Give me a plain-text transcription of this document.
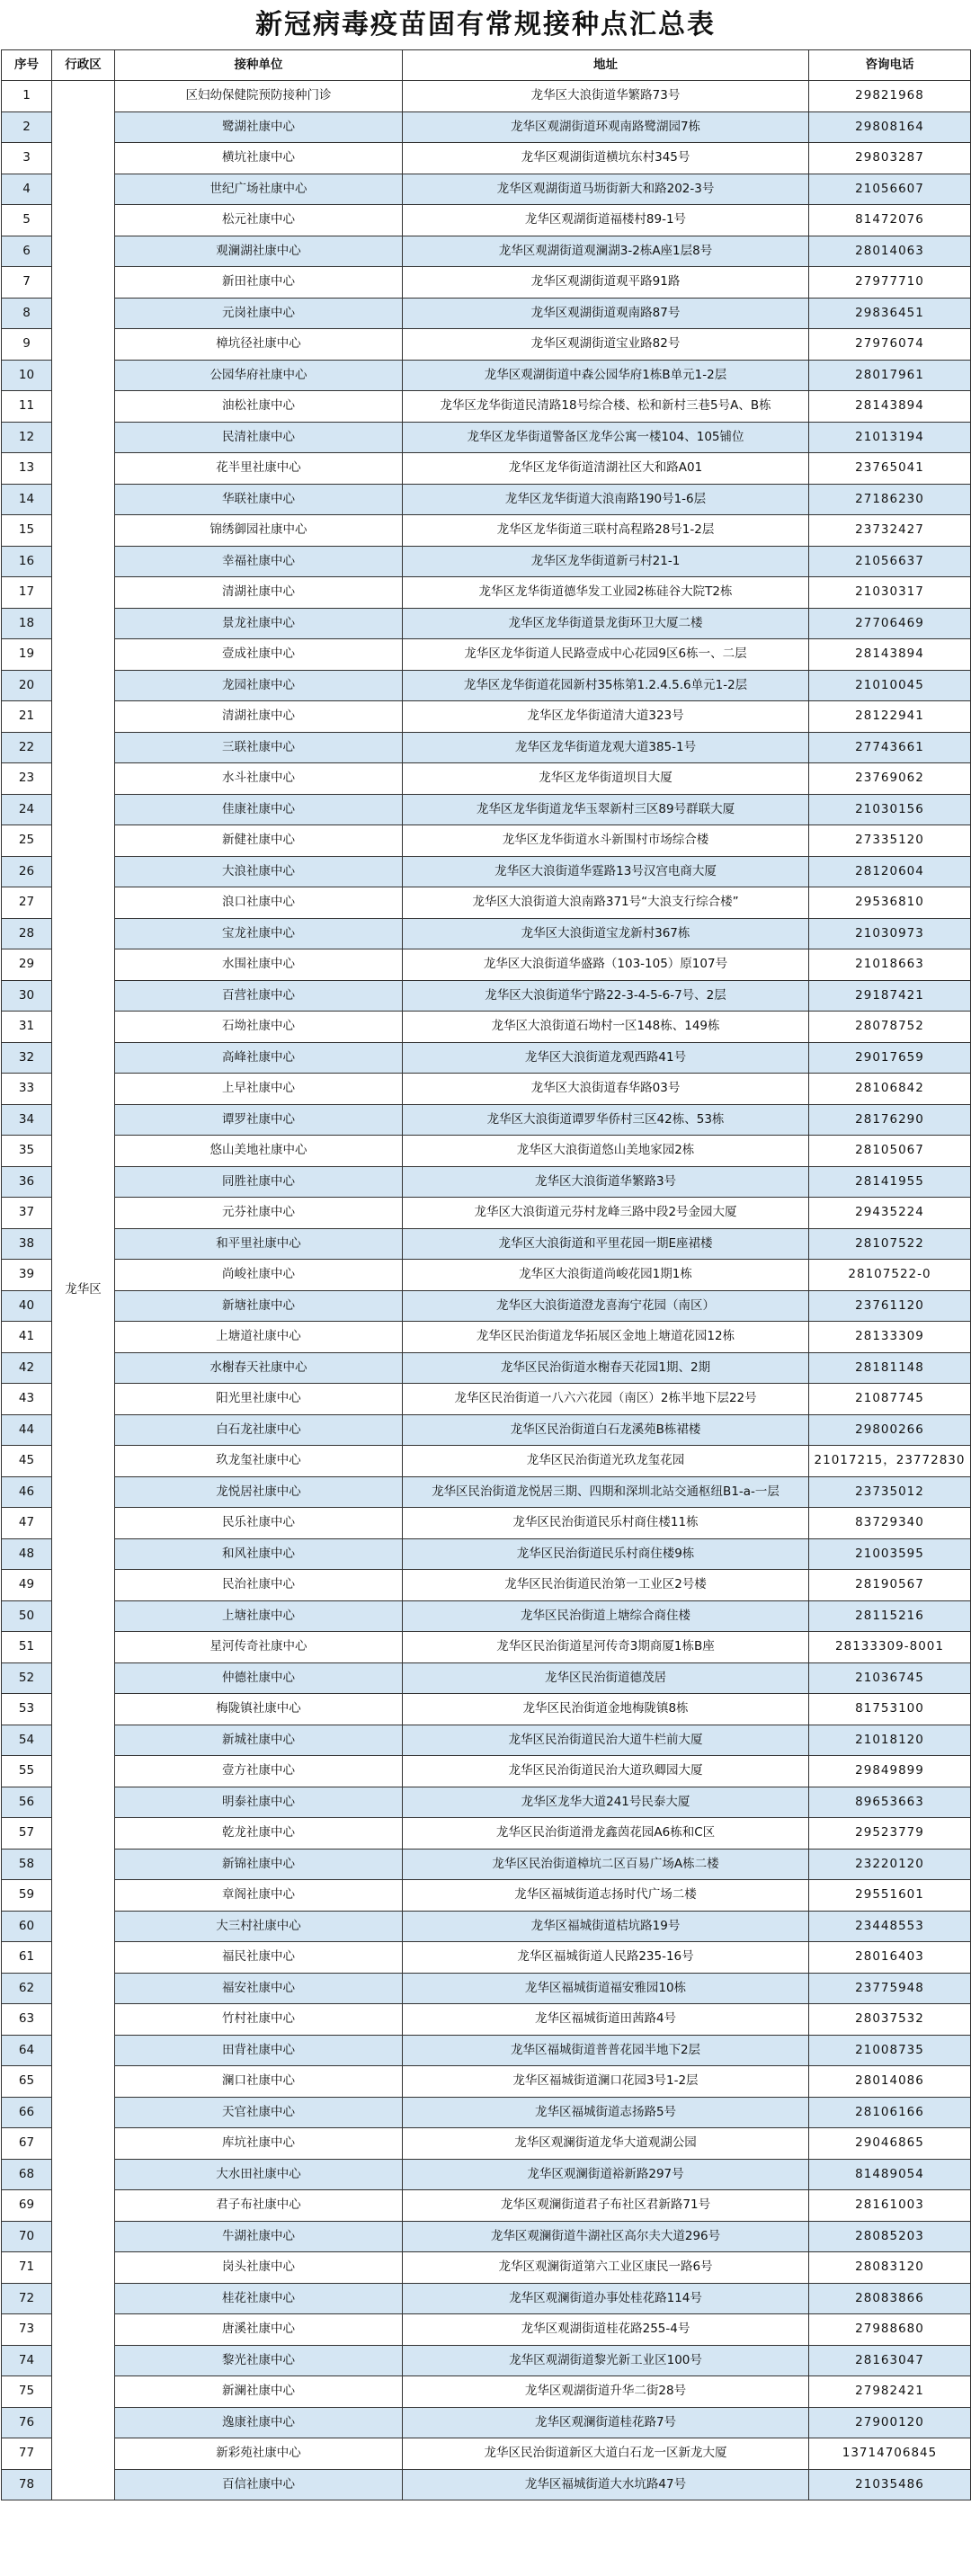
新冠病毒疫苗固有常规接种点汇总表
序号	行政区	接种单位	地址	咨询电话
1	龙华区	区妇幼保健院预防接种门诊	龙华区大浪街道华繁路73号	29821968
2		鹭湖社康中心	龙华区观湖街道环观南路鹭湖园7栋	29808164
3		横坑社康中心	龙华区观湖街道横坑东村345号	29803287
4		世纪广场社康中心	龙华区观湖街道马坜街新大和路202-3号	21056607
5		松元社康中心	龙华区观湖街道福楼村89-1号	81472076
6		观澜湖社康中心	龙华区观湖街道观澜湖3-2栋A座1层8号	28014063
7		新田社康中心	龙华区观湖街道观平路91路	27977710
8		元岗社康中心	龙华区观湖街道观南路87号	29836451
9		樟坑径社康中心	龙华区观湖街道宝业路82号	27976074
10		公园华府社康中心	龙华区观湖街道中森公园华府1栋B单元1-2层	28017961
11		油松社康中心	龙华区龙华街道民清路18号综合楼、松和新村三巷5号A、B栋	28143894
12		民清社康中心	龙华区龙华街道警备区龙华公寓一楼104、105铺位	21013194
13		花半里社康中心	龙华区龙华街道清湖社区大和路A01	23765041
14		华联社康中心	龙华区龙华街道大浪南路190号1-6层	27186230
15		锦绣御园社康中心	龙华区龙华街道三联村高程路28号1-2层	23732427
16		幸福社康中心	龙华区龙华街道新弓村21-1	21056637
17		清湖社康中心	龙华区龙华街道德华发工业园2栋硅谷大院T2栋	21030317
18		景龙社康中心	龙华区龙华街道景龙街环卫大厦二楼	27706469
19		壹成社康中心	龙华区龙华街道人民路壹成中心花园9区6栋一、二层	28143894
20		龙园社康中心	龙华区龙华街道花园新村35栋第1.2.4.5.6单元1-2层	21010045
21		清湖社康中心	龙华区龙华街道清大道323号	28122941
22		三联社康中心	龙华区龙华街道龙观大道385-1号	27743661
23		水斗社康中心	龙华区龙华街道坝目大厦	23769062
24		佳康社康中心	龙华区龙华街道龙华玉翠新村三区89号群联大厦	21030156
25		新健社康中心	龙华区龙华街道水斗新围村市场综合楼	27335120
26		大浪社康中心	龙华区大浪街道华霆路13号汉宫电商大厦	28120604
27		浪口社康中心	龙华区大浪街道大浪南路371号“大浪支行综合楼”	29536810
28		宝龙社康中心	龙华区大浪街道宝龙新村367栋	21030973
29		水围社康中心	龙华区大浪街道华盛路（103-105）原107号	21018663
30		百营社康中心	龙华区大浪街道华宁路22-3-4-5-6-7号、2层	29187421
31		石坳社康中心	龙华区大浪街道石坳村一区148栋、149栋	28078752
32		高峰社康中心	龙华区大浪街道龙观西路41号	29017659
33		上早社康中心	龙华区大浪街道春华路03号	28106842
34		谭罗社康中心	龙华区大浪街道谭罗华侨村三区42栋、53栋	28176290
35		悠山美地社康中心	龙华区大浪街道悠山美地家园2栋	28105067
36		同胜社康中心	龙华区大浪街道华繁路3号	28141955
37		元芬社康中心	龙华区大浪街道元芬村龙峰三路中段2号金园大厦	29435224
38		和平里社康中心	龙华区大浪街道和平里花园一期E座裙楼	28107522
39		尚峻社康中心	龙华区大浪街道尚峻花园1期1栋	28107522-0
40		新塘社康中心	龙华区大浪街道澄龙喜海宁花园（南区）	23761120
41		上塘道社康中心	龙华区民治街道龙华拓展区金地上塘道花园12栋	28133309
42		水榭春天社康中心	龙华区民治街道水榭春天花园1期、2期	28181148
43		阳光里社康中心	龙华区民治街道一八六六花园（南区）2栋半地下层22号	21087745
44		白石龙社康中心	龙华区民治街道白石龙溪苑B栋裙楼	29800266
45		玖龙玺社康中心	龙华区民治街道光玖龙玺花园	21017215，23772830
46		龙悦居社康中心	龙华区民治街道龙悦居三期、四期和深圳北站交通枢纽B1-a-一层	23735012
47		民乐社康中心	龙华区民治街道民乐村商住楼11栋	83729340
48		和风社康中心	龙华区民治街道民乐村商住楼9栋	21003595
49		民治社康中心	龙华区民治街道民治第一工业区2号楼	28190567
50		上塘社康中心	龙华区民治街道上塘综合商住楼	28115216
51		星河传奇社康中心	龙华区民治街道星河传奇3期商厦1栋B座	28133309-8001
52		仲德社康中心	龙华区民治街道德茂居	21036745
53		梅陇镇社康中心	龙华区民治街道金地梅陇镇8栋	81753100
54		新城社康中心	龙华区民治街道民治大道牛栏前大厦	21018120
55		壹方社康中心	龙华区民治街道民治大道玖卿园大厦	29849899
56		明泰社康中心	龙华区龙华大道241号民泰大厦	89653663
57		乾龙社康中心	龙华区民治街道滑龙鑫茵花园A6栋和C区	29523779
58		新锦社康中心	龙华区民治街道樟坑二区百易广场A栋二楼	23220120
59		章阁社康中心	龙华区福城街道志扬时代广场二楼	29551601
60		大三村社康中心	龙华区福城街道桔坑路19号	23448553
61		福民社康中心	龙华区福城街道人民路235-16号	28016403
62		福安社康中心	龙华区福城街道福安雅园10栋	23775948
63		竹村社康中心	龙华区福城街道田茜路4号	28037532
64		田背社康中心	龙华区福城街道普普花园半地下2层	21008735
65		澜口社康中心	龙华区福城街道澜口花园3号1-2层	28014086
66		天官社康中心	龙华区福城街道志扬路5号	28106166
67		库坑社康中心	龙华区观澜街道龙华大道观湖公园	29046865
68		大水田社康中心	龙华区观澜街道裕新路297号	81489054
69		君子布社康中心	龙华区观澜街道君子布社区君新路71号	28161003
70		牛湖社康中心	龙华区观澜街道牛湖社区高尔夫大道296号	28085203
71		岗头社康中心	龙华区观澜街道第六工业区康民一路6号	28083120
72		桂花社康中心	龙华区观澜街道办事处桂花路114号	28083866
73		唐溪社康中心	龙华区观湖街道桂花路255-4号	27988680
74		黎光社康中心	龙华区观湖街道黎光新工业区100号	28163047
75		新澜社康中心	龙华区观湖街道升华二街28号	27982421
76		逸康社康中心	龙华区观澜街道桂花路7号	27900120
77		新彩苑社康中心	龙华区民治街道新区大道白石龙一区新龙大厦	13714706845
78		百信社康中心	龙华区福城街道大水坑路47号	21035486
